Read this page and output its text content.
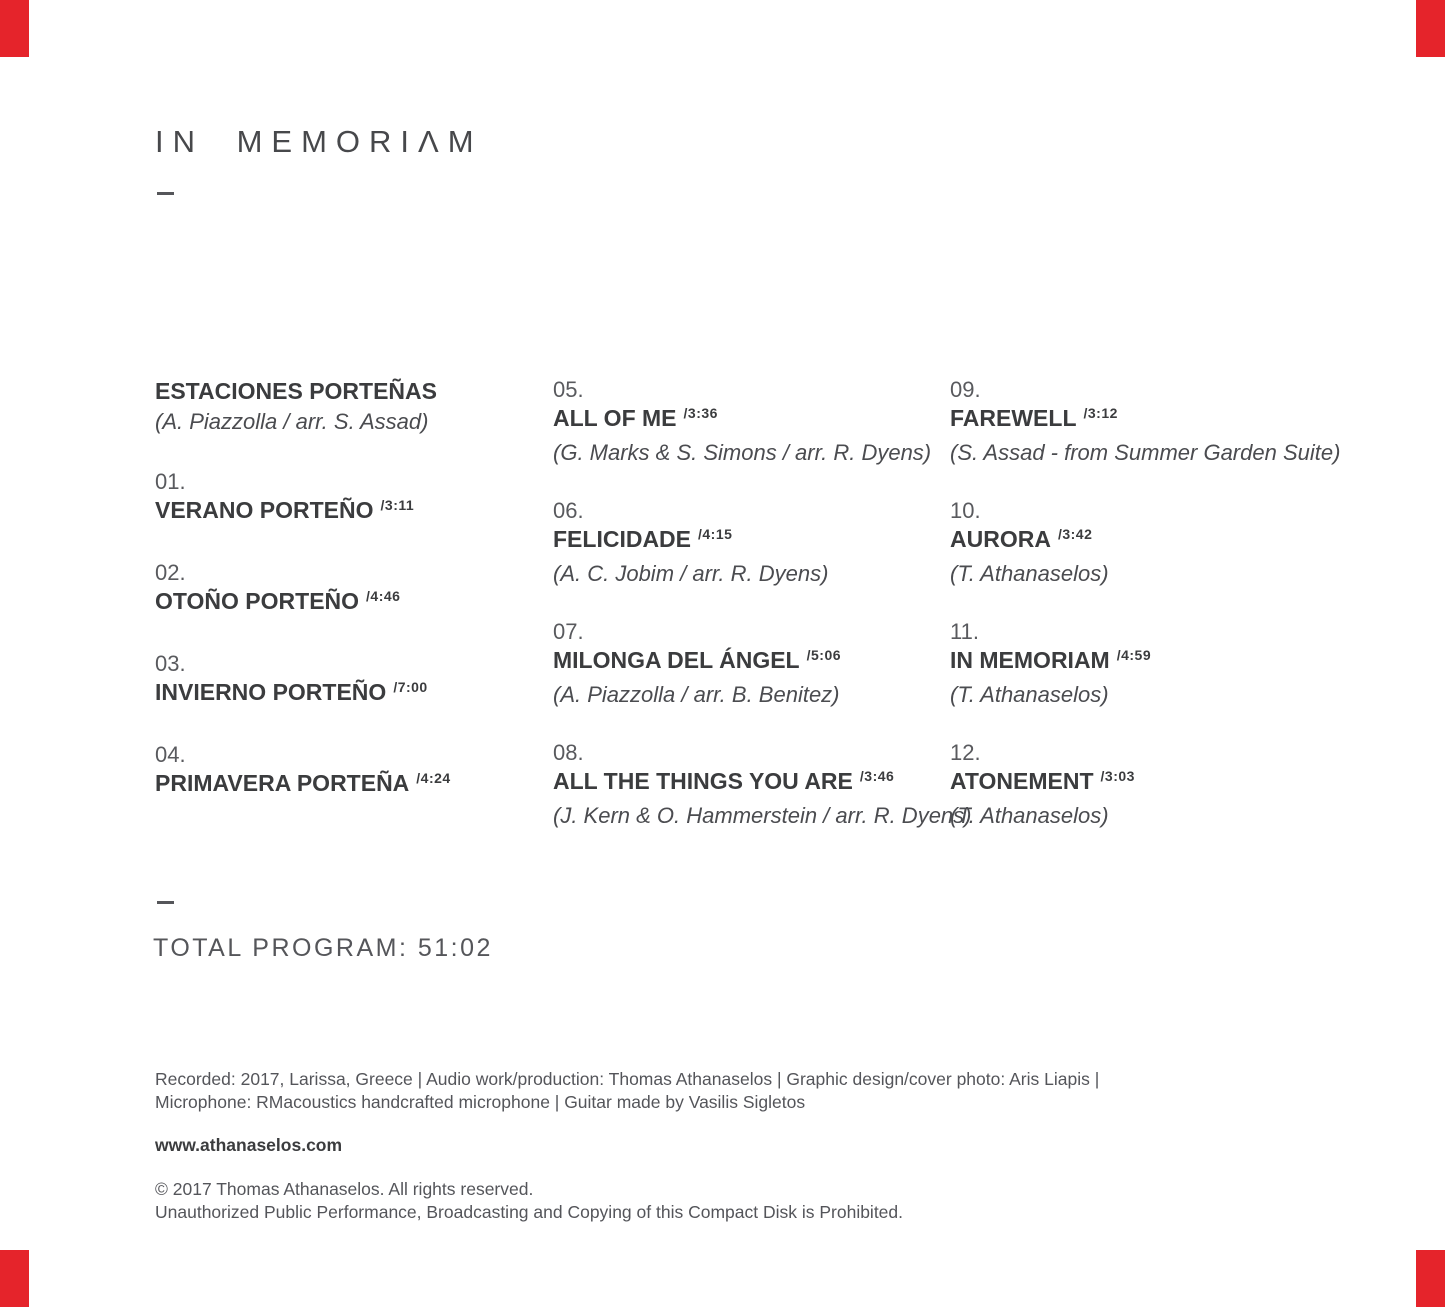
IN MEMORIΛM
ESTACIONES PORTEÑAS
(A. Piazzolla / arr. S. Assad)
01.
VERANO PORTEÑO $^{/3:11}$
02.
OTOÑO PORTEÑO $^{/4:46}$
03.
INVIERNO PORTEÑO $^{/7:00}$
04.
PRIMAVERA PORTEÑA $^{/4:24}$
05.
ALL OF ME $^{/3:36}$
(G. Marks & S. Simons / arr. R. Dyens)
06.
FELICIDADE $^{/4:15}$
(A. C. Jobim / arr. R. Dyens)
07.
MILONGA DEL ÁNGEL $^{/5:06}$
(A. Piazzolla / arr. B. Benitez)
08.
ALL THE THINGS YOU ARE $^{/3:46}$
(J. Kern & O. Hammerstein / arr. R. Dyens)
09.
FAREWELL $^{/3:12}$
(S. Assad - from Summer Garden Suite)
10.
AURORA $^{/3:42}$
(T. Athanaselos)
11.
IN MEMORIAM $^{/4:59}$
(T. Athanaselos)
12.
ATONEMENT $^{/3:03}$
(T. Athanaselos)
TOTAL PROGRAM: 51:02
Recorded: 2017, Larissa, Greece | Audio work/production: Thomas Athanaselos | Graphic design/cover photo: Aris Liapis |
Microphone: RMacoustics handcrafted microphone | Guitar made by Vasilis Sigletos
www.athanaselos.com
© 2017 Thomas Athanaselos. All rights reserved.
Unauthorized Public Performance, Broadcasting and Copying of this Compact Disk is Prohibited.
